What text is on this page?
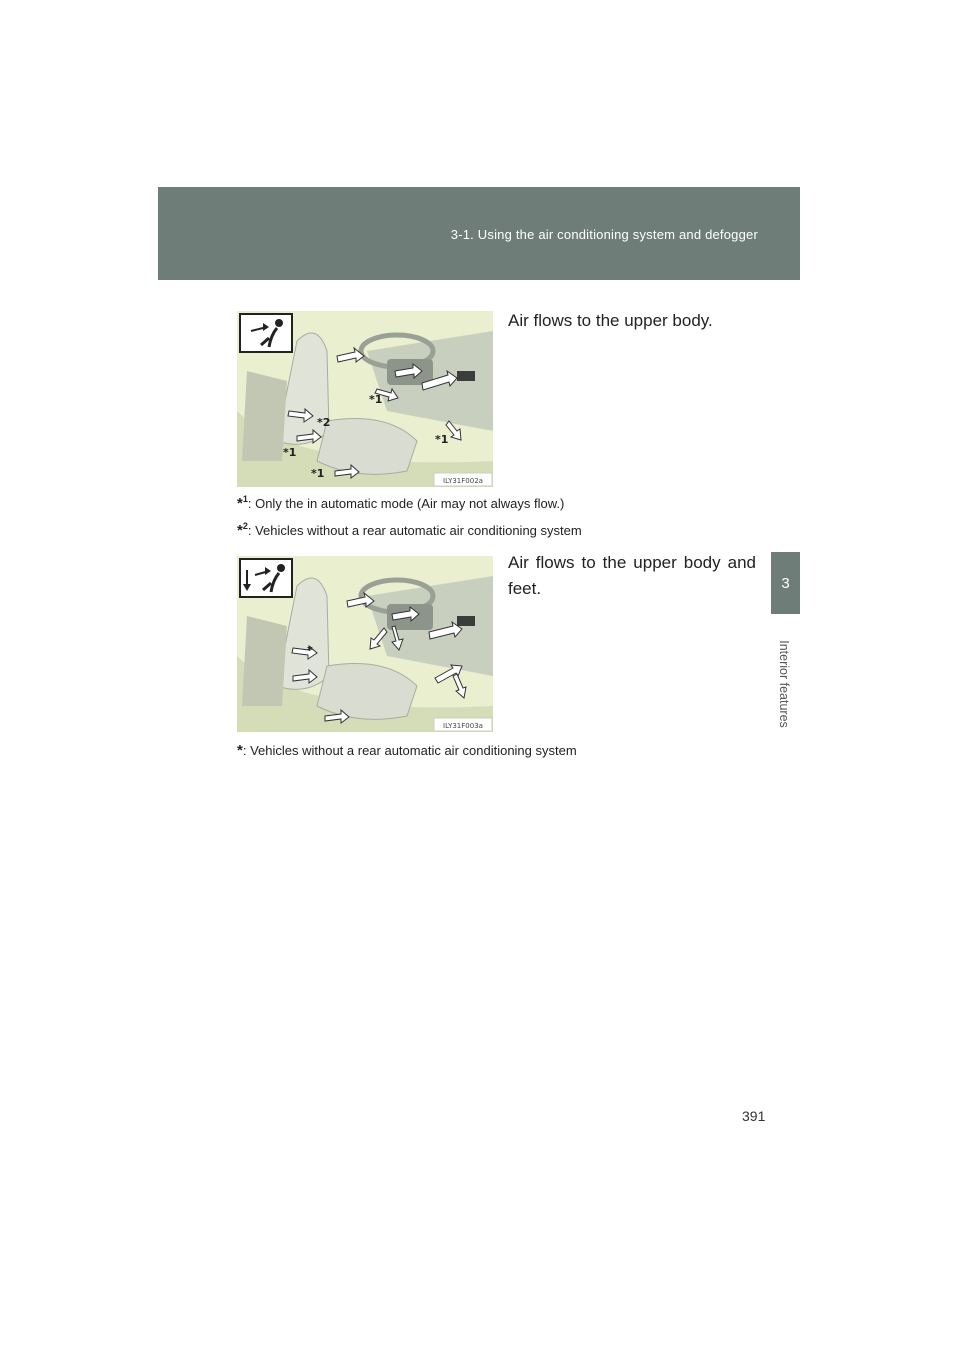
3-1. Using the air conditioning system and defogger
3
Interior features
*1
*2
*1
*1
*1
ILY31F002a
Air flows to the upper body.
*$^1$: Only the in automatic mode (Air may not always flow.)
*$^2$: Vehicles without a rear automatic air conditioning system
*
ILY31F003a
Air flows to the upper body and feet.
*: Vehicles without a rear automatic air conditioning system
391
